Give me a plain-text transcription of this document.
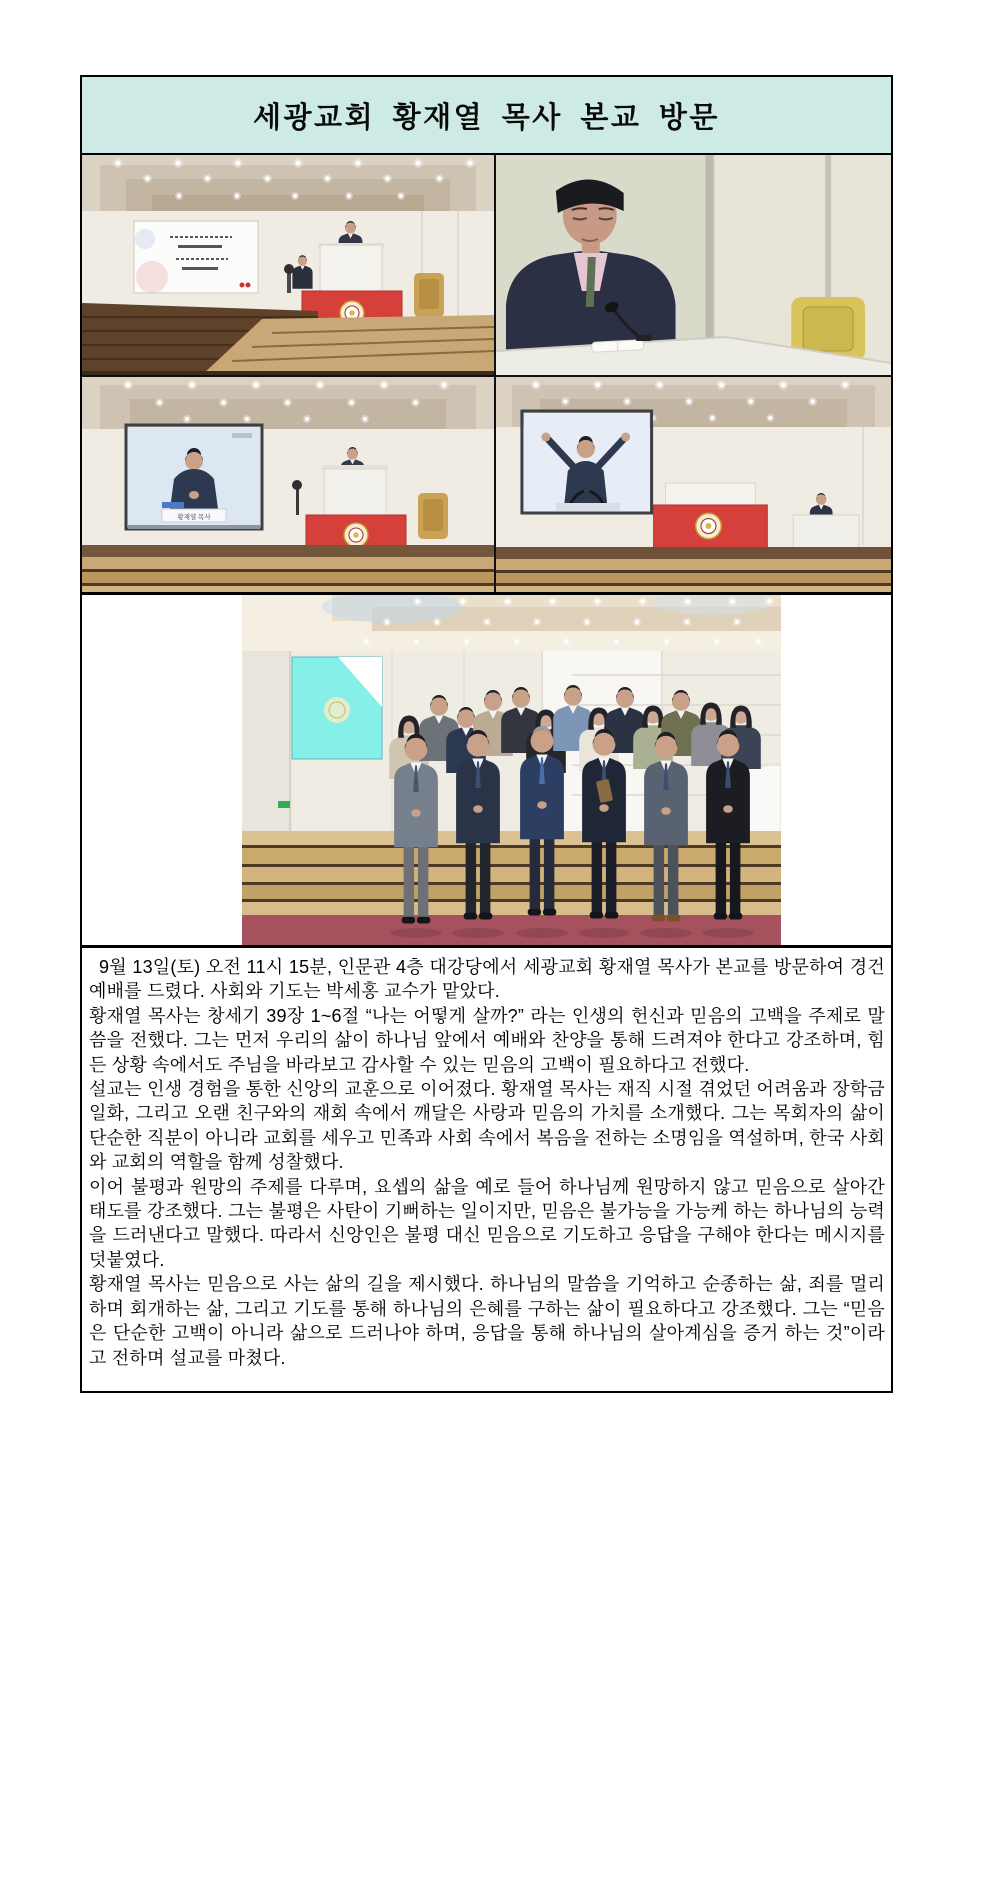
세광교회 황재열 목사 본교 방문
황재열 목사

9월 13일(토) 오전 11시 15분, 인문관 4층 대강당에서 세광교회 황재열 목사가 본교를 방문하여 경건예배를 드렸다. 사회와 기도는 박세홍 교수가 맡았다.

황재열 목사는 창세기 39장 1~6절 “나는 어떻게 살까?” 라는 인생의 헌신과 믿음의 고백을 주제로 말씀을 전했다. 그는 먼저 우리의 삶이 하나님 앞에서 예배와 찬양을 통해 드려져야 한다고 강조하며, 힘든 상황 속에서도 주님을 바라보고 감사할 수 있는 믿음의 고백이 필요하다고 전했다.

설교는 인생 경험을 통한 신앙의 교훈으로 이어졌다. 황재열 목사는 재직 시절 겪었던 어려움과 장학금 일화, 그리고 오랜 친구와의 재회 속에서 깨달은 사랑과 믿음의 가치를 소개했다. 그는 목회자의 삶이 단순한 직분이 아니라 교회를 세우고 민족과 사회 속에서 복음을 전하는 소명임을 역설하며, 한국 사회와 교회의 역할을 함께 성찰했다.

이어 불평과 원망의 주제를 다루며, 요셉의 삶을 예로 들어 하나님께 원망하지 않고 믿음으로 살아간 태도를 강조했다. 그는 불평은 사탄이 기뻐하는 일이지만, 믿음은 불가능을 가능케 하는 하나님의 능력을 드러낸다고 말했다. 따라서 신앙인은 불평 대신 믿음으로 기도하고 응답을 구해야 한다는 메시지를 덧붙였다.

황재열 목사는 믿음으로 사는 삶의 길을 제시했다. 하나님의 말씀을 기억하고 순종하는 삶, 죄를 멀리하며 회개하는 삶, 그리고 기도를 통해 하나님의 은혜를 구하는 삶이 필요하다고 강조했다. 그는 “믿음은 단순한 고백이 아니라 삶으로 드러나야 하며, 응답을 통해 하나님의 살아계심을 증거 하는 것”이라고 전하며 설교를 마쳤다.
